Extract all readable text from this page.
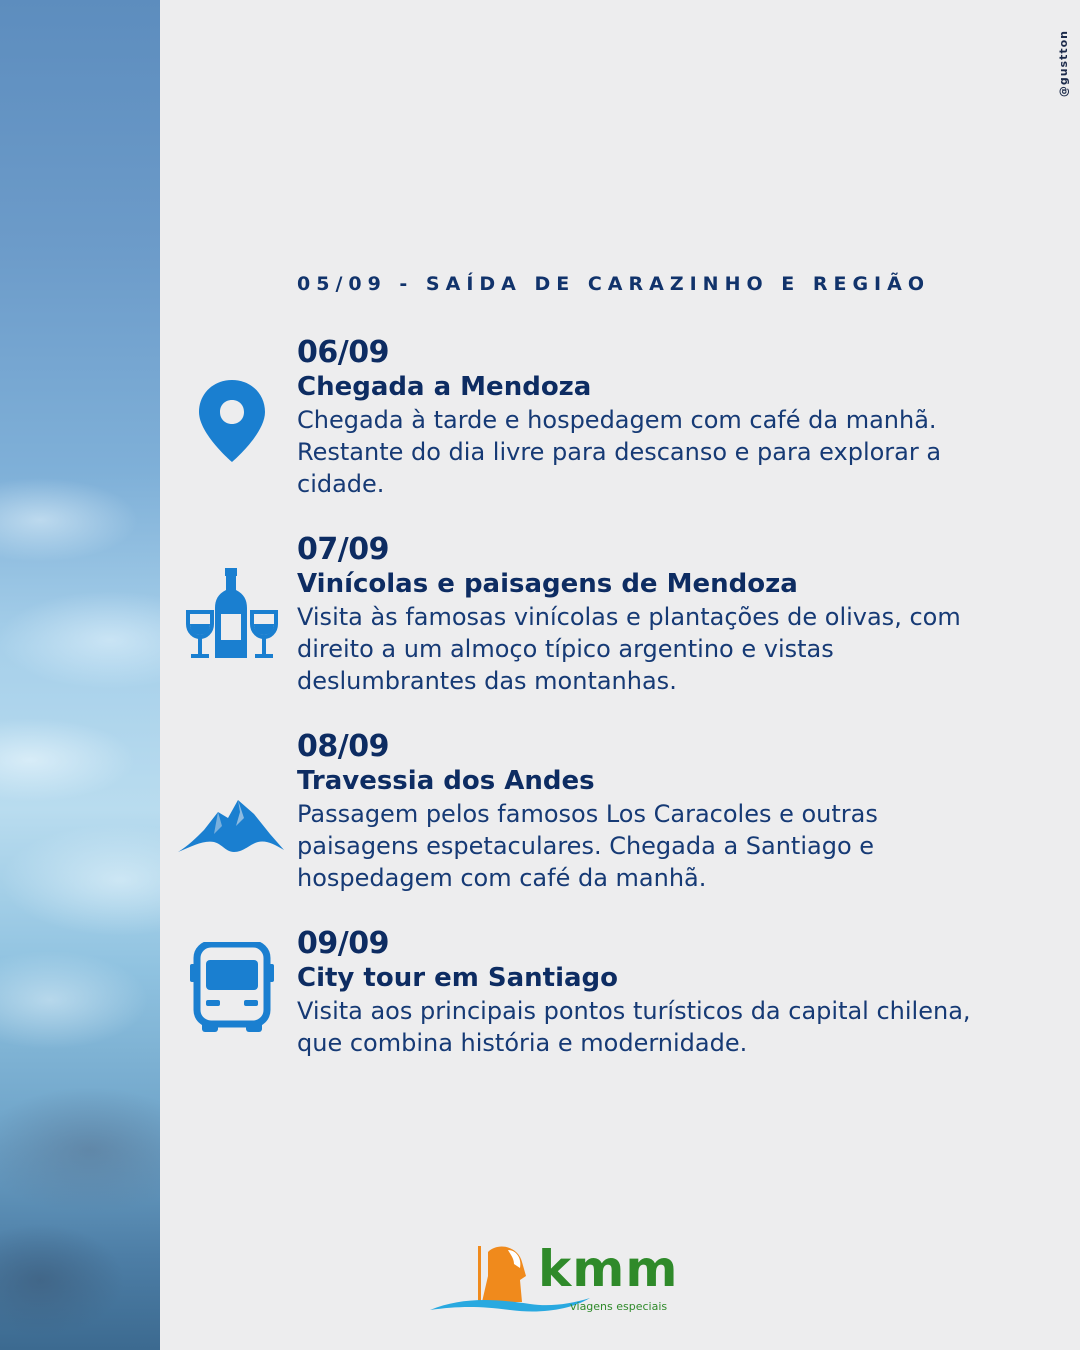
@gustton
05/09 - SAÍDA DE CARAZINHO E REGIÃO
06/09
Chegada a Mendoza
Chegada à tarde e hospedagem com café da manhã. Restante do dia livre para descanso e para explorar a cidade.
07/09
Vinícolas e paisagens de Mendoza
Visita às famosas vinícolas e plantações de olivas, com direito a um almoço típico argentino e vistas deslumbrantes das montanhas.
08/09
Travessia dos Andes
Passagem pelos famosos Los Caracoles e outras paisagens espetaculares. Chegada a Santiago e hospedagem com café da manhã.
09/09
City tour em Santiago
Visita aos principais pontos turísticos da capital chilena, que combina história e modernidade.
kmm
viagens especiais
